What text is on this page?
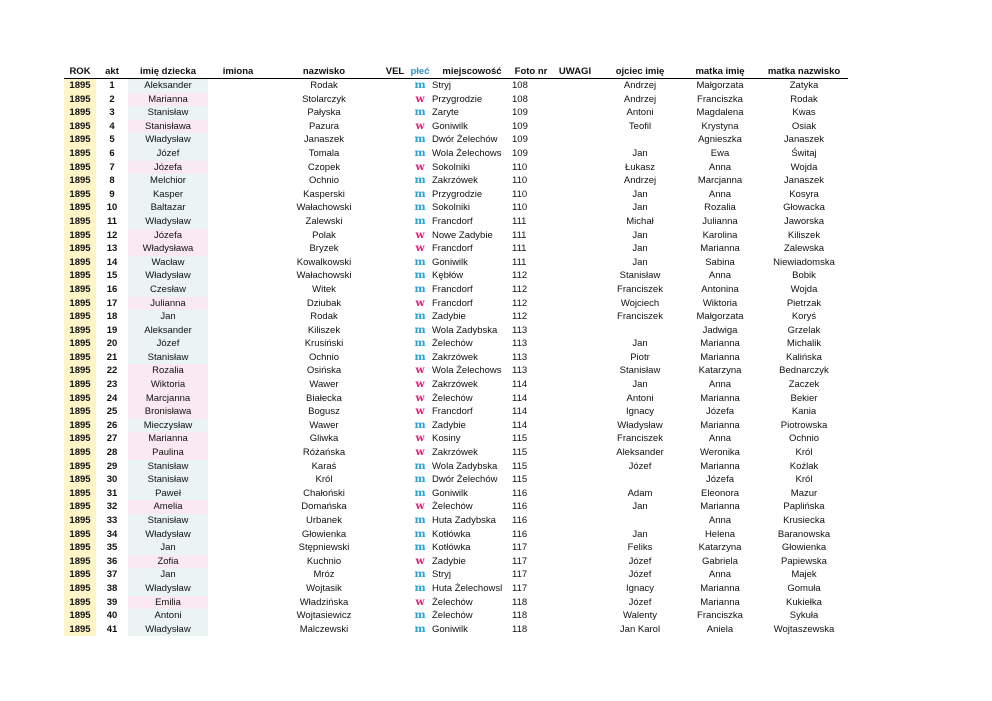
ROK	akt	imię dziecka	imiona	nazwisko	VEL	płeć	miejscowość	Foto nr	UWAGI	ojciec imię	matka imię	matka nazwisko
1895	1	Aleksander		Rodak		m	Stryj	108		Andrzej	Małgorzata	Zatyka
1895	2	Marianna		Stolarczyk		w	Przygrodzie	108		Andrzej	Franciszka	Rodak
1895	3	Stanisław		Pałyska		m	Zaryte	109		Antoni	Magdalena	Kwas
1895	4	Stanisława		Pazura		w	Goniwilk	109		Teofil	Krystyna	Osiak
1895	5	Władysław		Janaszek		m	Dwór Żelechów	109			Agnieszka	Janaszek
1895	6	Józef		Tomala		m	Wola Żelechows	109		Jan	Ewa	Świtaj
1895	7	Józefa		Czopek		w	Sokolniki	110		Łukasz	Anna	Wojda
1895	8	Melchior		Ochnio		m	Zakrzówek	110		Andrzej	Marcjanna	Janaszek
1895	9	Kasper		Kasperski		m	Przygrodzie	110		Jan	Anna	Kosyra
1895	10	Baltazar		Wałachowski		m	Sokolniki	110		Jan	Rozalia	Głowacka
1895	11	Władysław		Zalewski		m	Francdorf	111		Michał	Julianna	Jaworska
1895	12	Józefa		Polak		w	Nowe Zadybie	111		Jan	Karolina	Kiliszek
1895	13	Władysława		Bryzek		w	Francdorf	111		Jan	Marianna	Zalewska
1895	14	Wacław		Kowalkowski		m	Goniwilk	111		Jan	Sabina	Niewiadomska
1895	15	Władysław		Wałachowski		m	Kębłów	112		Stanisław	Anna	Bobik
1895	16	Czesław		Witek		m	Francdorf	112		Franciszek	Antonina	Wojda
1895	17	Julianna		Dziubak		w	Francdorf	112		Wojciech	Wiktoria	Pietrzak
1895	18	Jan		Rodak		m	Zadybie	112		Franciszek	Małgorzata	Koryś
1895	19	Aleksander		Kiliszek		m	Wola Zadybska	113			Jadwiga	Grzelak
1895	20	Józef		Krusiński		m	Żelechów	113		Jan	Marianna	Michalik
1895	21	Stanisław		Ochnio		m	Zakrzówek	113		Piotr	Marianna	Kalińska
1895	22	Rozalia		Osińska		w	Wola Żelechows	113		Stanisław	Katarzyna	Bednarczyk
1895	23	Wiktoria		Wawer		w	Zakrzówek	114		Jan	Anna	Zaczek
1895	24	Marcjanna		Białecka		w	Żelechów	114		Antoni	Marianna	Bekier
1895	25	Bronisława		Bogusz		w	Francdorf	114		Ignacy	Józefa	Kania
1895	26	Mieczysław		Wawer		m	Zadybie	114		Władysław	Marianna	Piotrowska
1895	27	Marianna		Gliwka		w	Kosiny	115		Franciszek	Anna	Ochnio
1895	28	Paulina		Różańska		w	Zakrzówek	115		Aleksander	Weronika	Król
1895	29	Stanisław		Karaś		m	Wola Zadybska	115		Józef	Marianna	Koźlak
1895	30	Stanisław		Król		m	Dwór Żelechów	115			Józefa	Król
1895	31	Paweł		Chałoński		m	Goniwilk	116		Adam	Eleonora	Mazur
1895	32	Amelia		Domańska		w	Żelechów	116		Jan	Marianna	Paplińska
1895	33	Stanisław		Urbanek		m	Huta Zadybska	116			Anna	Krusiecka
1895	34	Władysław		Głowienka		m	Kotłówka	116		Jan	Helena	Baranowska
1895	35	Jan		Stępniewski		m	Kotłówka	117		Feliks	Katarzyna	Głowienka
1895	36	Zofia		Kuchnio		w	Zadybie	117		Józef	Gabriela	Papiewska
1895	37	Jan		Mróz		m	Stryj	117		Józef	Anna	Majek
1895	38	Władysław		Wojtasik		m	Huta Żelechowsl	117		Ignacy	Marianna	Gomuła
1895	39	Emilia		Władzińska		w	Żelechów	118		Józef	Marianna	Kukiełka
1895	40	Antoni		Wojtasiewicz		m	Żelechów	118		Walenty	Franciszka	Sykuła
1895	41	Władysław		Malczewski		m	Goniwilk	118		Jan Karol	Aniela	Wojtaszewska
